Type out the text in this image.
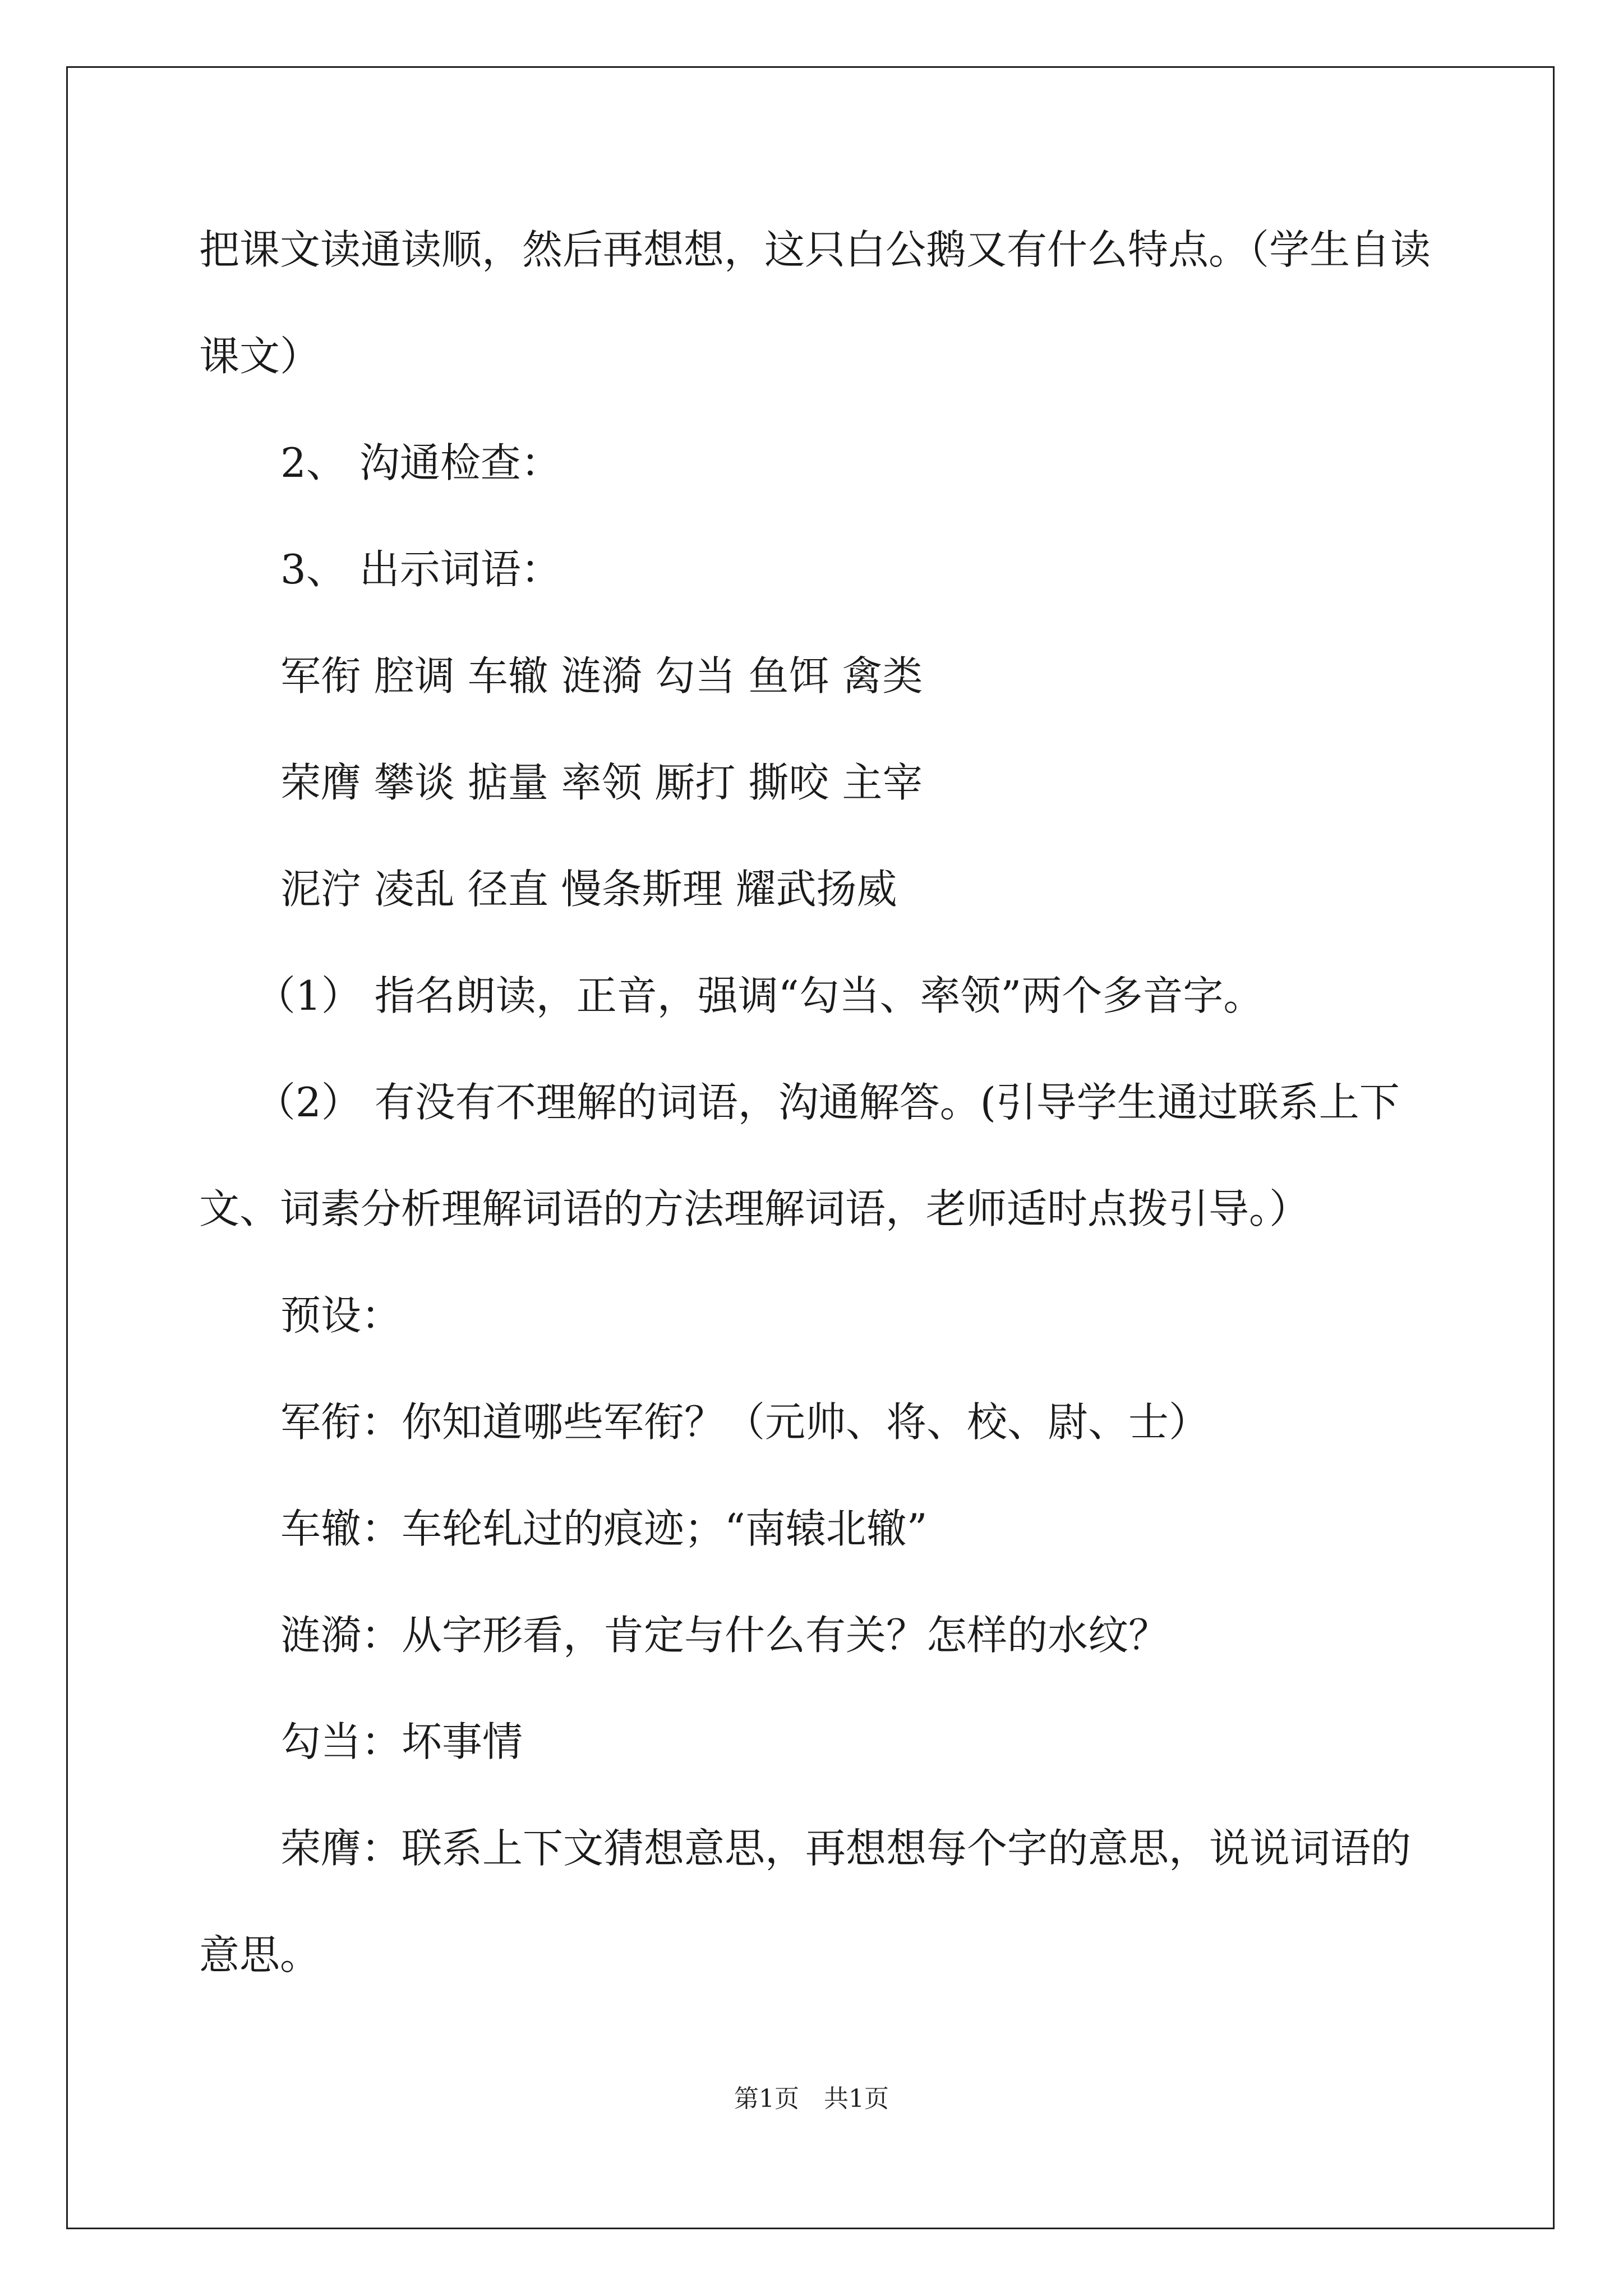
把课文读通读顺，然后再想想，这只白公鹅又有什么特点。（学生自读
课文）
2、 沟通检查：
3、 出示词语：
军衔 腔调 车辙 涟漪 勾当 鱼饵 禽类
荣膺 攀谈 掂量 率领 厮打 撕咬 主宰
泥泞 凌乱 径直 慢条斯理 耀武扬威
（1） 指名朗读，正音，强调“勾当、率领”两个多音字。
（2） 有没有不理解的词语，沟通解答。(引导学生通过联系上下
文、词素分析理解词语的方法理解词语，老师适时点拨引导。）
预设：
军衔：你知道哪些军衔？（元帅、将、校、尉、士）
车辙：车轮轧过的痕迹；“南辕北辙”
涟漪：从字形看，肯定与什么有关？怎样的水纹？
勾当：坏事情
荣膺：联系上下文猜想意思，再想想每个字的意思，说说词语的
意思。
第1页　共1页
